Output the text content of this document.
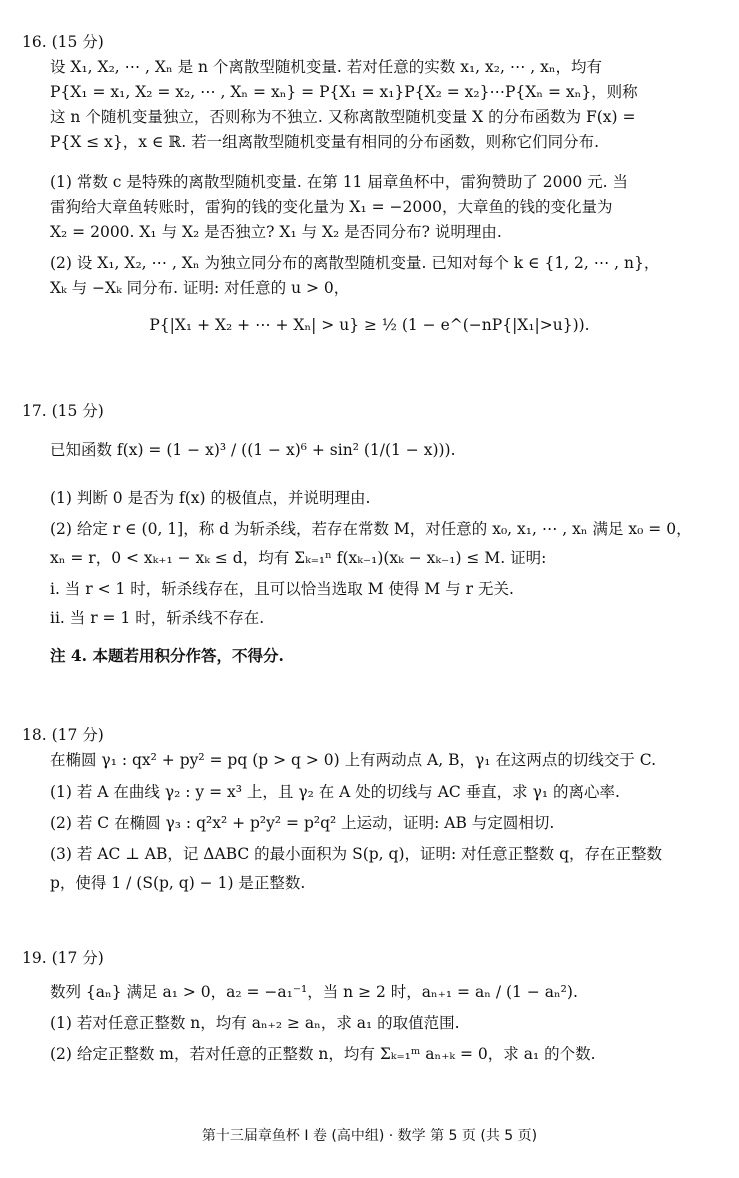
16. (15 分)
设 X₁, X₂, ⋯ , Xₙ 是 n 个离散型随机变量. 若对任意的实数 x₁, x₂, ⋯ , xₙ，均有
P{X₁ = x₁, X₂ = x₂, ⋯ , Xₙ = xₙ} = P{X₁ = x₁}P{X₂ = x₂}⋯P{Xₙ = xₙ}，则称
这 n 个随机变量独立，否则称为不独立. 又称离散型随机变量 X 的分布函数为 F(x) =
P{X ≤ x}，x ∈ ℝ. 若一组离散型随机变量有相同的分布函数，则称它们同分布.
(1) 常数 c 是特殊的离散型随机变量. 在第 11 届章鱼杯中，雷狗赞助了 2000 元. 当
雷狗给大章鱼转账时，雷狗的钱的变化量为 X₁ = −2000，大章鱼的钱的变化量为
X₂ = 2000. X₁ 与 X₂ 是否独立? X₁ 与 X₂ 是否同分布? 说明理由.
(2) 设 X₁, X₂, ⋯ , Xₙ 为独立同分布的离散型随机变量. 已知对每个 k ∈ {1, 2, ⋯ , n}，
Xₖ 与 −Xₖ 同分布. 证明: 对任意的 u > 0，
P{|X₁ + X₂ + ⋯ + Xₙ| > u} ≥ ½ (1 − e^(−nP{|X₁|>u})).
17. (15 分)
已知函数 f(x) = (1 − x)³ / ((1 − x)⁶ + sin² (1/(1 − x))).
(1) 判断 0 是否为 f(x) 的极值点，并说明理由.
(2) 给定 r ∈ (0, 1]，称 d 为斩杀线，若存在常数 M，对任意的 x₀, x₁, ⋯ , xₙ 满足 x₀ = 0，
xₙ = r，0 < xₖ₊₁ − xₖ ≤ d，均有 Σₖ₌₁ⁿ f(xₖ₋₁)(xₖ − xₖ₋₁) ≤ M. 证明:
i. 当 r < 1 时，斩杀线存在，且可以恰当选取 M 使得 M 与 r 无关.
ii. 当 r = 1 时，斩杀线不存在.
注 4. 本题若用积分作答，不得分.
18. (17 分)
在椭圆 γ₁ : qx² + py² = pq (p > q > 0) 上有两动点 A, B，γ₁ 在这两点的切线交于 C.
(1) 若 A 在曲线 γ₂ : y = x³ 上，且 γ₂ 在 A 处的切线与 AC 垂直，求 γ₁ 的离心率.
(2) 若 C 在椭圆 γ₃ : q²x² + p²y² = p²q² 上运动，证明: AB 与定圆相切.
(3) 若 AC ⊥ AB，记 ΔABC 的最小面积为 S(p, q)，证明: 对任意正整数 q，存在正整数
p，使得 1 / (S(p, q) − 1) 是正整数.
19. (17 分)
数列 {aₙ} 满足 a₁ > 0，a₂ = −a₁⁻¹，当 n ≥ 2 时，aₙ₊₁ = aₙ / (1 − aₙ²).
(1) 若对任意正整数 n，均有 aₙ₊₂ ≥ aₙ，求 a₁ 的取值范围.
(2) 给定正整数 m，若对任意的正整数 n，均有 Σₖ₌₁ᵐ aₙ₊ₖ = 0，求 a₁ 的个数.
第十三届章鱼杯 I 卷 (高中组) · 数学 第 5 页 (共 5 页)
